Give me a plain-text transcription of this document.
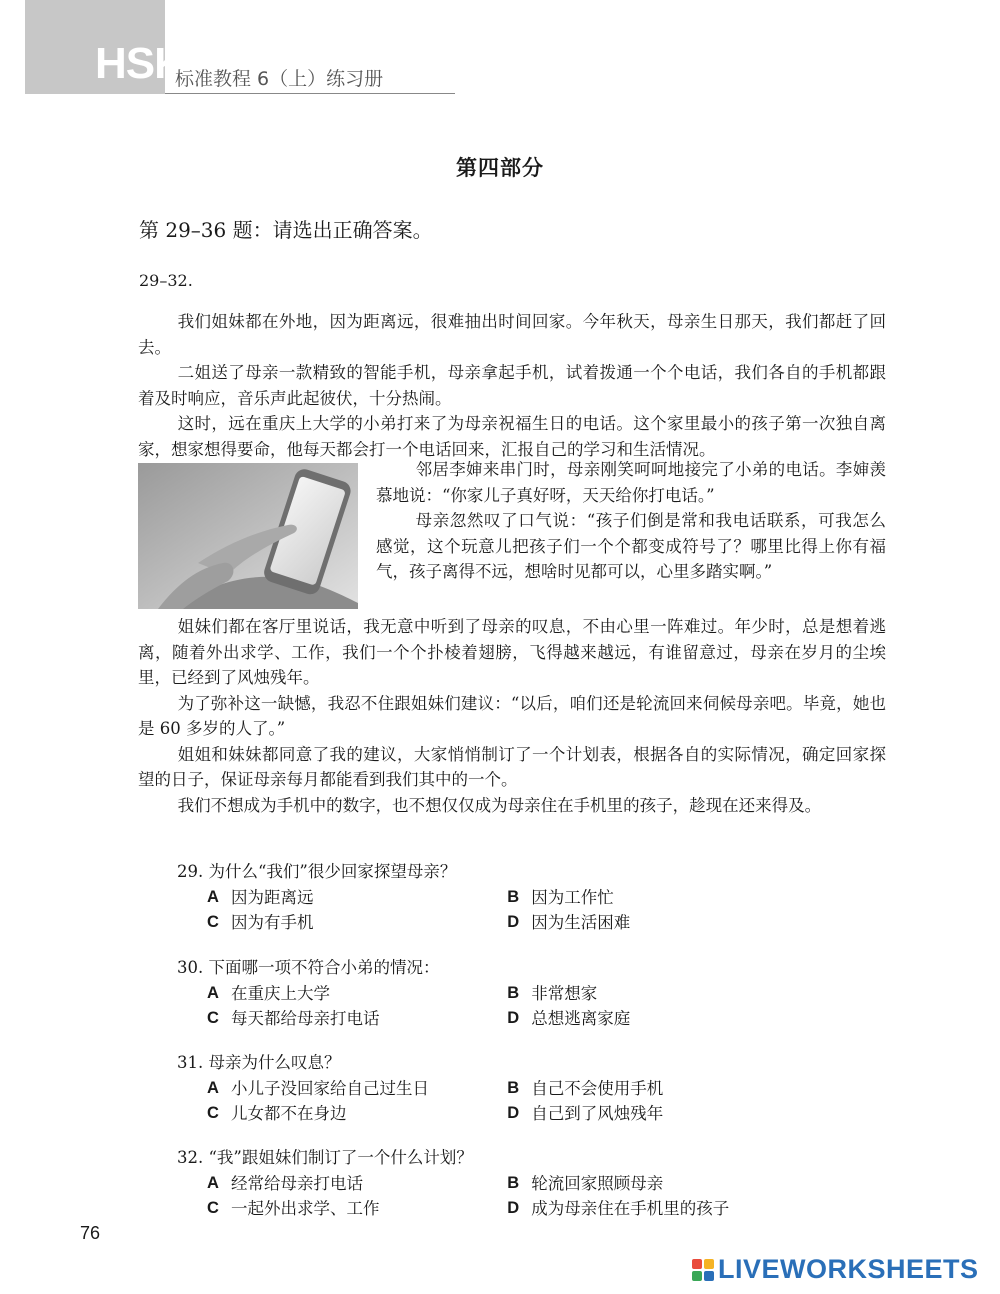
HSK
标准教程 6（上）练习册
第四部分
第 29–36 题：请选出正确答案。
29–32.

我们姐妹都在外地，因为距离远，很难抽出时间回家。今年秋天，母亲生日那天，我们都赶了回去。

二姐送了母亲一款精致的智能手机，母亲拿起手机，试着拨通一个个电话，我们各自的手机都跟着及时响应，音乐声此起彼伏，十分热闹。

这时，远在重庆上大学的小弟打来了为母亲祝福生日的电话。这个家里最小的孩子第一次独自离家，想家想得要命，他每天都会打一个电话回来，汇报自己的学习和生活情况。

邻居李婶来串门时，母亲刚笑呵呵地接完了小弟的电话。李婶羡慕地说：“你家儿子真好呀，天天给你打电话。”

母亲忽然叹了口气说：“孩子们倒是常和我电话联系，可我怎么感觉，这个玩意儿把孩子们一个个都变成符号了？哪里比得上你有福气，孩子离得不远，想啥时见都可以，心里多踏实啊。”

姐妹们都在客厅里说话，我无意中听到了母亲的叹息，不由心里一阵难过。年少时，总是想着逃离，随着外出求学、工作，我们一个个扑棱着翅膀，飞得越来越远，有谁留意过，母亲在岁月的尘埃里，已经到了风烛残年。

为了弥补这一缺憾，我忍不住跟姐妹们建议：“以后，咱们还是轮流回来伺候母亲吧。毕竟，她也是 60 多岁的人了。”

姐姐和妹妹都同意了我的建议，大家悄悄制订了一个计划表，根据各自的实际情况，确定回家探望的日子，保证母亲每月都能看到我们其中的一个。

我们不想成为手机中的数字，也不想仅仅成为母亲住在手机里的孩子，趁现在还来得及。

29. 为什么“我们”很少回家探望母亲？
A 因为距离远	B 因为工作忙
C 因为有手机	D 因为生活困难
30. 下面哪一项不符合小弟的情况：
A 在重庆上大学	B 非常想家
C 每天都给母亲打电话	D 总想逃离家庭
31. 母亲为什么叹息？
A 小儿子没回家给自己过生日	B 自己不会使用手机
C 儿女都不在身边	D 自己到了风烛残年
32. “我”跟姐妹们制订了一个什么计划？
A 经常给母亲打电话	B 轮流回家照顾母亲
C 一起外出求学、工作	D 成为母亲住在手机里的孩子
76
LIVEWORKSHEETS
